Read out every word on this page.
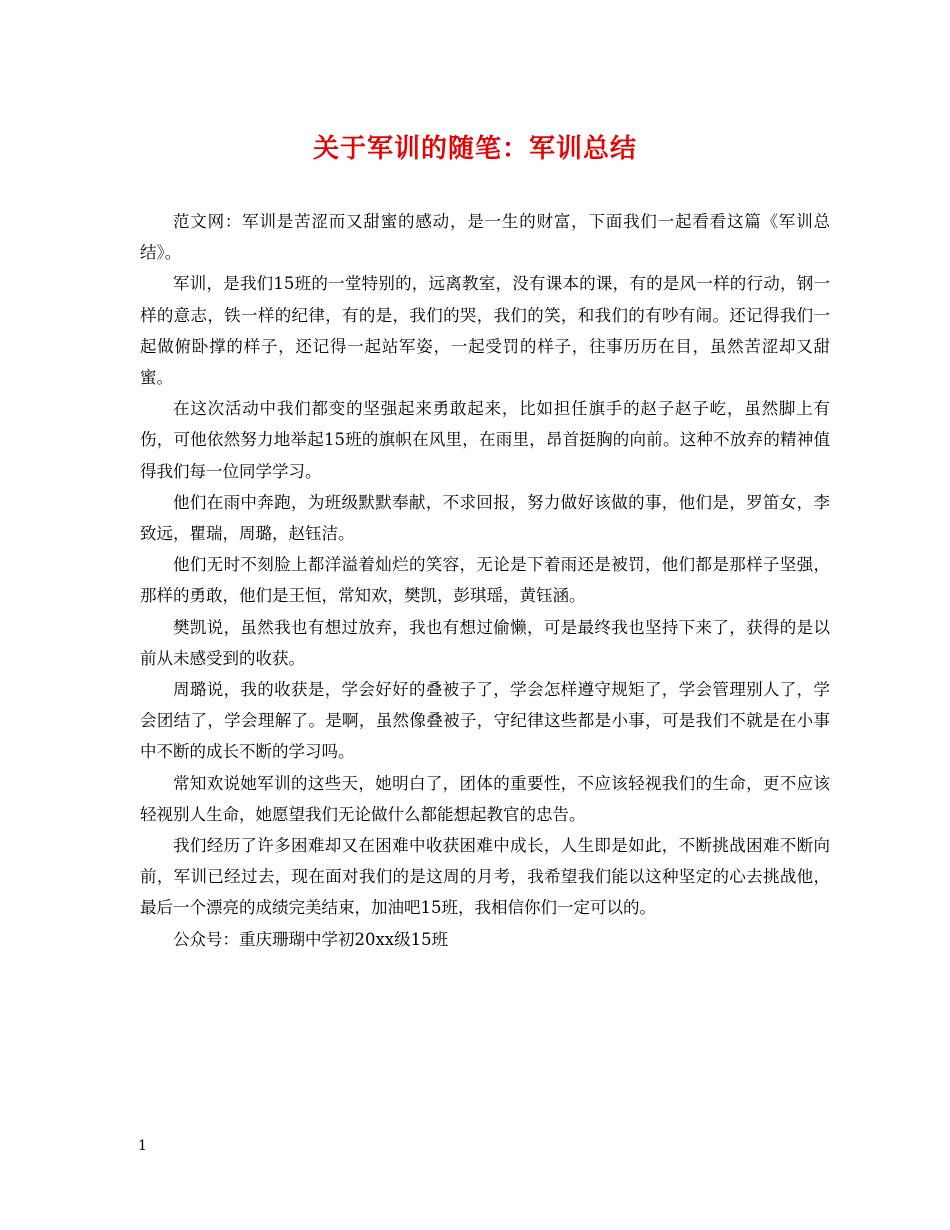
关于军训的随笔：军训总结

范文网：军训是苦涩而又甜蜜的感动，是一生的财富，下面我们一起看看这篇《军训总结》。

军训，是我们15班的一堂特别的，远离教室，没有课本的课，有的是风一样的行动，钢一样的意志，铁一样的纪律，有的是，我们的哭，我们的笑，和我们的有吵有闹。还记得我们一起做俯卧撑的样子，还记得一起站军姿，一起受罚的样子，往事历历在目，虽然苦涩却又甜蜜。

在这次活动中我们都变的坚强起来勇敢起来，比如担任旗手的赵子赵子屹，虽然脚上有伤，可他依然努力地举起15班的旗帜在风里，在雨里，昂首挺胸的向前。这种不放弃的精神值得我们每一位同学学习。

他们在雨中奔跑，为班级默默奉献，不求回报，努力做好该做的事，他们是，罗笛女，李致远，瞿瑞，周璐，赵钰洁。

他们无时不刻脸上都洋溢着灿烂的笑容，无论是下着雨还是被罚，他们都是那样子坚强，那样的勇敢，他们是王恒，常知欢，樊凯，彭琪瑶，黄钰涵。

樊凯说，虽然我也有想过放弃，我也有想过偷懒，可是最终我也坚持下来了，获得的是以前从未感受到的收获。

周璐说，我的收获是，学会好好的叠被子了，学会怎样遵守规矩了，学会管理别人了，学会团结了，学会理解了。是啊，虽然像叠被子，守纪律这些都是小事，可是我们不就是在小事中不断的成长不断的学习吗。

常知欢说她军训的这些天，她明白了，团体的重要性，不应该轻视我们的生命，更不应该轻视别人生命，她愿望我们无论做什么都能想起教官的忠告。

我们经历了许多困难却又在困难中收获困难中成长，人生即是如此，不断挑战困难不断向前，军训已经过去，现在面对我们的是这周的月考，我希望我们能以这种坚定的心去挑战他，最后一个漂亮的成绩完美结束，加油吧15班，我相信你们一定可以的。

公众号：重庆珊瑚中学初20xx级15班

1
